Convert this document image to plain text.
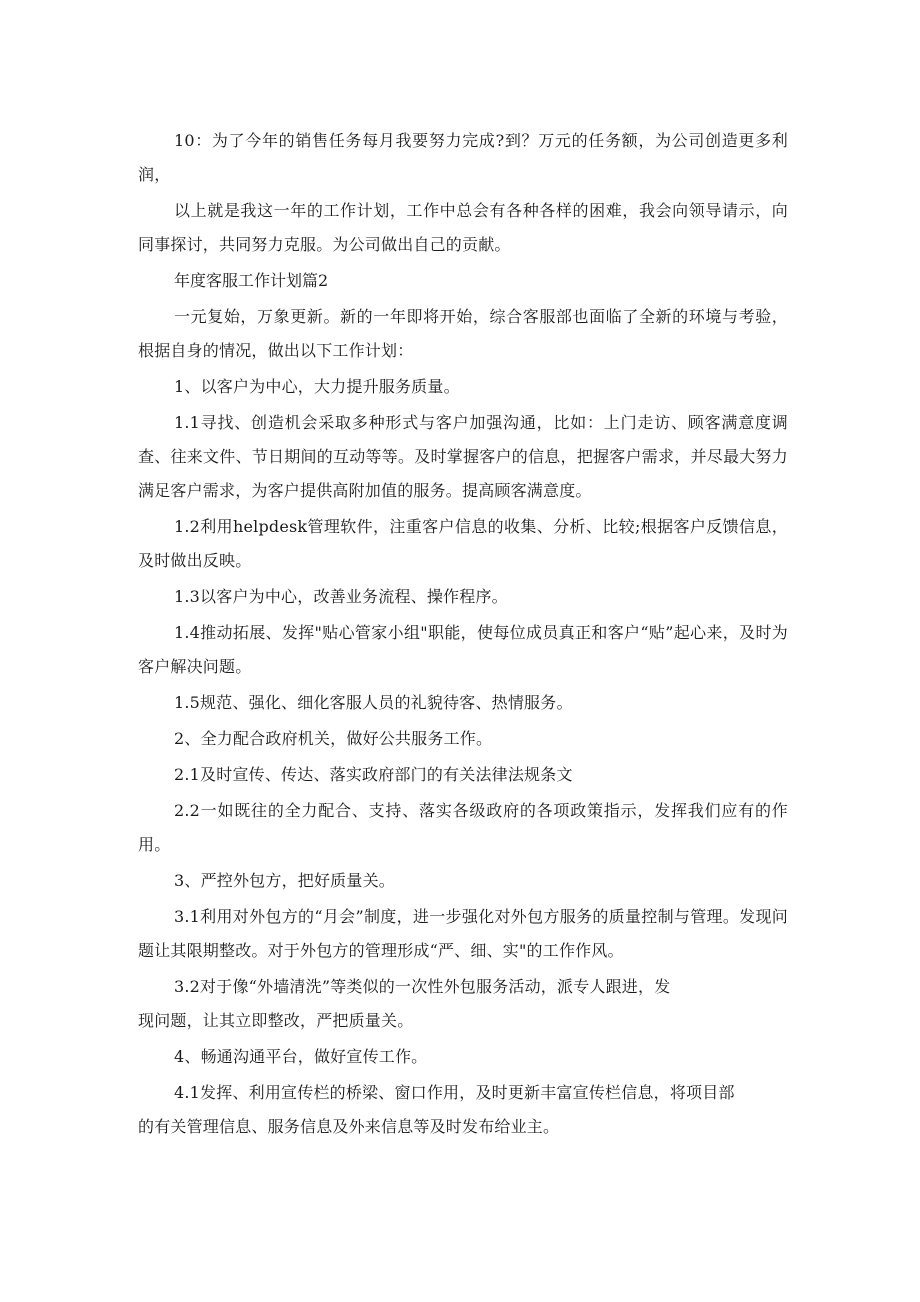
10：为了今年的销售任务每月我要努力完成?到？万元的任务额，为公司创造更多利润，

以上就是我这一年的工作计划，工作中总会有各种各样的困难，我会向领导请示，向同事探讨，共同努力克服。为公司做出自己的贡献。

年度客服工作计划篇2

一元复始，万象更新。新的一年即将开始，综合客服部也面临了全新的环境与考验，根据自身的情况，做出以下工作计划：

1、以客户为中心，大力提升服务质量。

1.1寻找、创造机会采取多种形式与客户加强沟通，比如：上门走访、顾客满意度调查、往来文件、节日期间的互动等等。及时掌握客户的信息，把握客户需求，并尽最大努力满足客户需求，为客户提供高附加值的服务。提高顾客满意度。

1.2利用helpdesk管理软件，注重客户信息的收集、分析、比较;根据客户反馈信息，及时做出反映。

1.3以客户为中心，改善业务流程、操作程序。

1.4推动拓展、发挥"贴心管家小组"职能，使每位成员真正和客户“贴”起心来，及时为客户解决问题。

1.5规范、强化、细化客服人员的礼貌待客、热情服务。

2、全力配合政府机关，做好公共服务工作。

2.1及时宣传、传达、落实政府部门的有关法律法规条文

2.2一如既往的全力配合、支持、落实各级政府的各项政策指示，发挥我们应有的作用。

3、严控外包方，把好质量关。

3.1利用对外包方的“月会”制度，进一步强化对外包方服务的质量控制与管理。发现问题让其限期整改。对于外包方的管理形成“严、细、实"的工作作风。

3.2对于像“外墙清洗”等类似的一次性外包服务活动，派专人跟进，发

现问题，让其立即整改，严把质量关。

4、畅通沟通平台，做好宣传工作。

4.1发挥、利用宣传栏的桥梁、窗口作用，及时更新丰富宣传栏信息，将项目部

的有关管理信息、服务信息及外来信息等及时发布给业主。
